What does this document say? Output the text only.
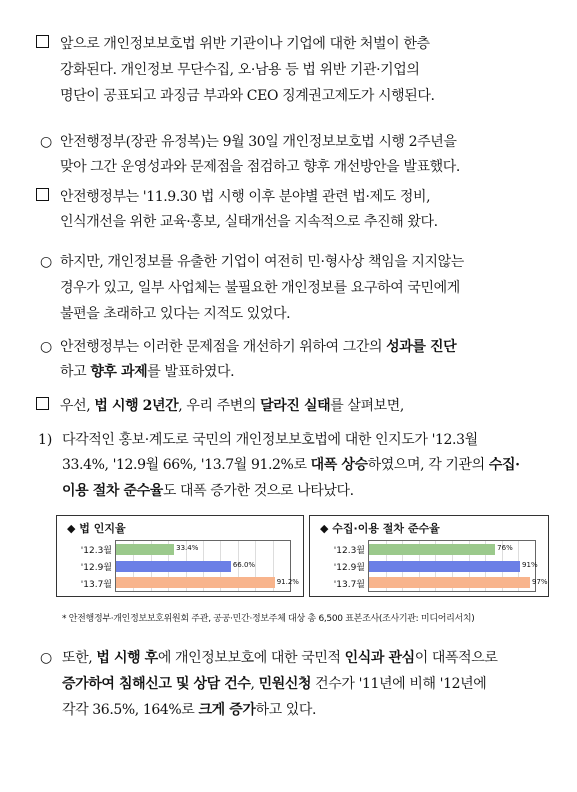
앞으로 개인정보보호법 위반 기관이나 기업에 대한 처벌이 한층
강화된다. 개인정보 무단수집, 오·남용 등 법 위반 기관·기업의
명단이 공표되고 과징금 부과와 CEO 징계권고제도가 시행된다.
○ 안전행정부(장관 유정복)는 9월 30일 개인정보보호법 시행 2주년을
맞아 그간 운영성과와 문제점을 점검하고 향후 개선방안을 발표했다.
안전행정부는 '11.9.30 법 시행 이후 분야별 관련 법·제도 정비,
인식개선을 위한 교육·홍보, 실태개선을 지속적으로 추진해 왔다.
○ 하지만, 개인정보를 유출한 기업이 여전히 민·형사상 책임을 지지않는
경우가 있고, 일부 사업체는 불필요한 개인정보를 요구하여 국민에게
불편을 초래하고 있다는 지적도 있었다.
○ 안전행정부는 이러한 문제점을 개선하기 위하여 그간의 성과를 진단
하고 향후 과제를 발표하였다.
우선, 법 시행 2년간, 우리 주변의 달라진 실태를 살펴보면,
1) 다각적인 홍보·계도로 국민의 개인정보보호법에 대한 인지도가 '12.3월
33.4%, '12.9월 66%, '13.7월 91.2%로 대폭 상승하였으며, 각 기관의 수집·
이용 절차 준수율도 대폭 증가한 것으로 나타났다.
◆ 법 인지율
'12.3월	33.4%
'12.9월	66.0%
'13.7월	91.2%
◆ 수집·이용 절차 준수율
'12.3월	76%
'12.9월	91%
'13.7월	97%
* 안전행정부·개인정보보호위원회 주관, 공공·민간·정보주체 대상 총 6,500 표본조사(조사기관: 미디어리서치)
○ 또한, 법 시행 후에 개인정보보호에 대한 국민적 인식과 관심이 대폭적으로
증가하여 침해신고 및 상담 건수, 민원신청 건수가 '11년에 비해 '12년에
각각 36.5%, 164%로 크게 증가하고 있다.
